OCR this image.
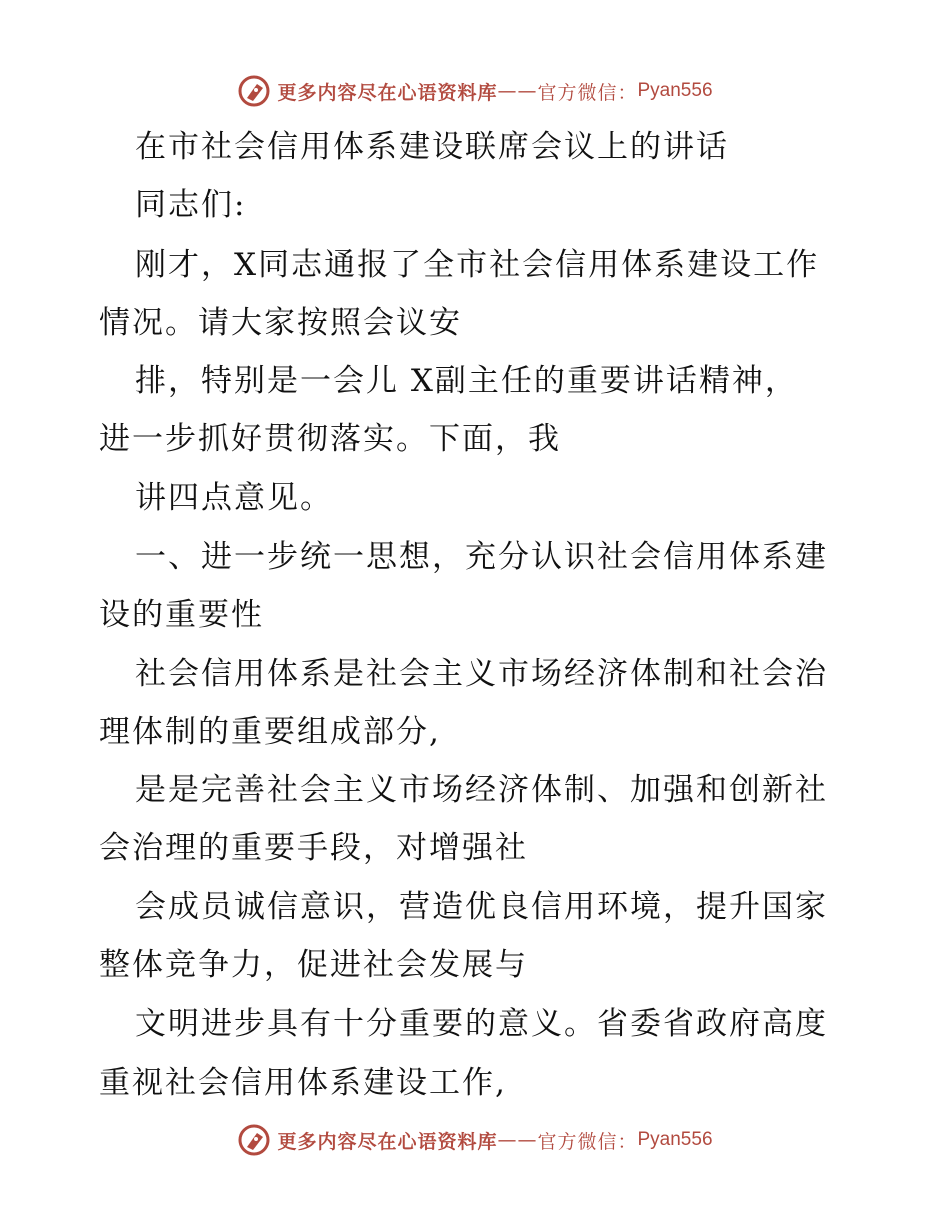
更多内容尽在心语资料库 —— 官方微信： Pyan556
在市社会信用体系建设联席会议上的讲话
同志们:
刚才，X同志通报了全市社会信用体系建设工作
情况。请大家按照会议安
排，特别是一会儿 X副主任的重要讲话精神，
进一步抓好贯彻落实。下面，我
讲四点意见。
一、进一步统一思想，充分认识社会信用体系建
设的重要性
社会信用体系是社会主义市场经济体制和社会治
理体制的重要组成部分,
是是完善社会主义市场经济体制、加强和创新社
会治理的重要手段，对增强社
会成员诚信意识，营造优良信用环境，提升国家
整体竞争力，促进社会发展与
文明进步具有十分重要的意义。省委省政府高度
重视社会信用体系建设工作,
更多内容尽在心语资料库 —— 官方微信： Pyan556
